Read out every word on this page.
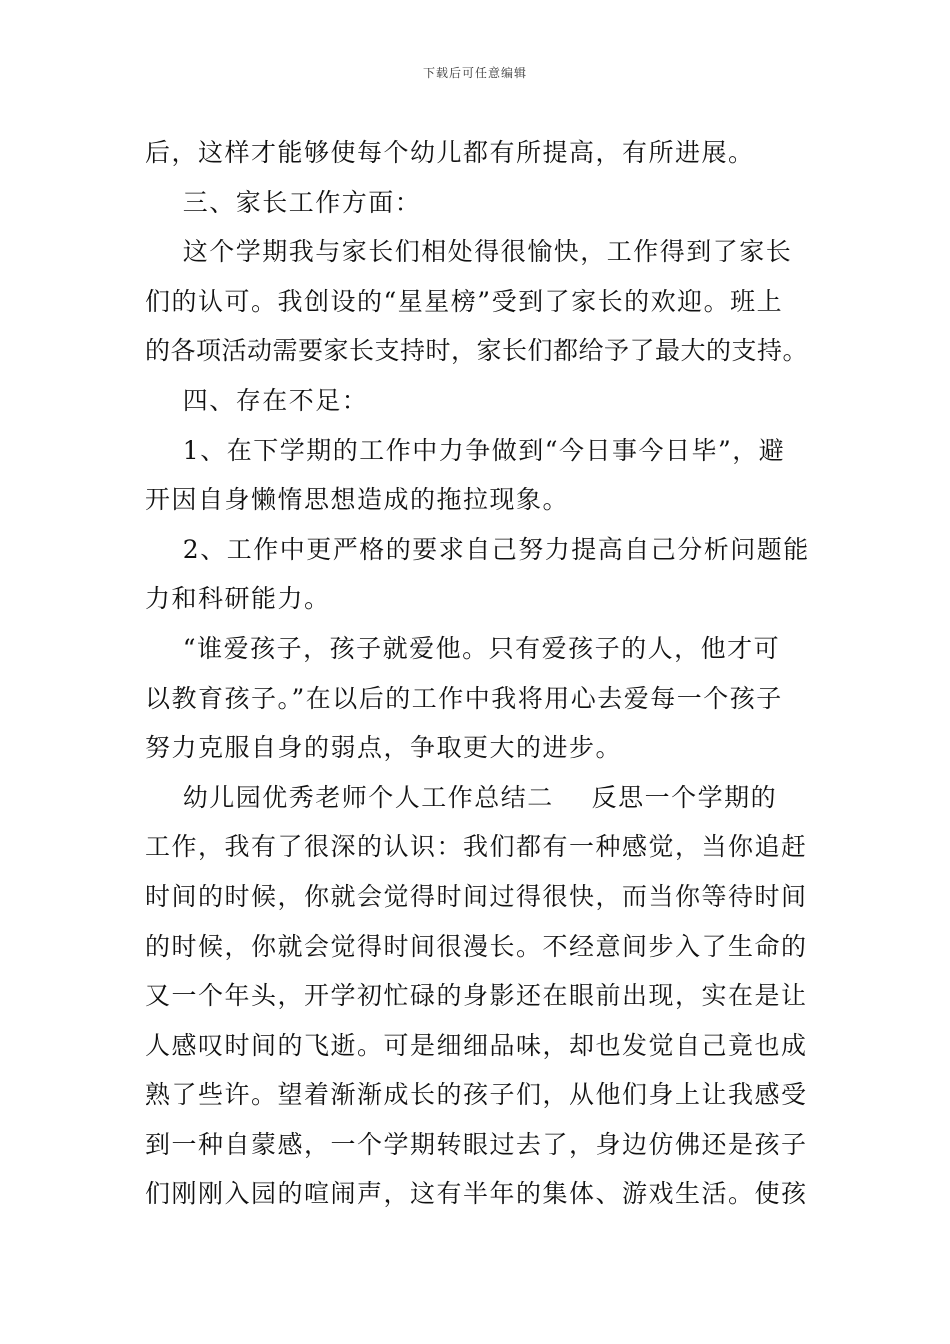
下载后可任意编辑
后，这样才能够使每个幼儿都有所提高，有所进展。
三、家长工作方面：
这个学期我与家长们相处得很愉快，工作得到了家长
们的认可。我创设的“星星榜”受到了家长的欢迎。班上
的各项活动需要家长支持时，家长们都给予了最大的支持。
四、存在不足：
1、在下学期的工作中力争做到“今日事今日毕”，避
开因自身懒惰思想造成的拖拉现象。
2、工作中更严格的要求自己努力提高自己分析问题能
力和科研能力。
“谁爱孩子，孩子就爱他。只有爱孩子的人，他才可
以教育孩子。”在以后的工作中我将用心去爱每一个孩子
努力克服自身的弱点，争取更大的进步。
幼儿园优秀老师个人工作总结二    反思一个学期的
工作，我有了很深的认识：我们都有一种感觉，当你追赶
时间的时候，你就会觉得时间过得很快，而当你等待时间
的时候，你就会觉得时间很漫长。不经意间步入了生命的
又一个年头，开学初忙碌的身影还在眼前出现，实在是让
人感叹时间的飞逝。可是细细品味，却也发觉自己竟也成
熟了些许。望着渐渐成长的孩子们，从他们身上让我感受
到一种自蒙感，一个学期转眼过去了，身边仿佛还是孩子
们刚刚入园的喧闹声，这有半年的集体、游戏生活。使孩
